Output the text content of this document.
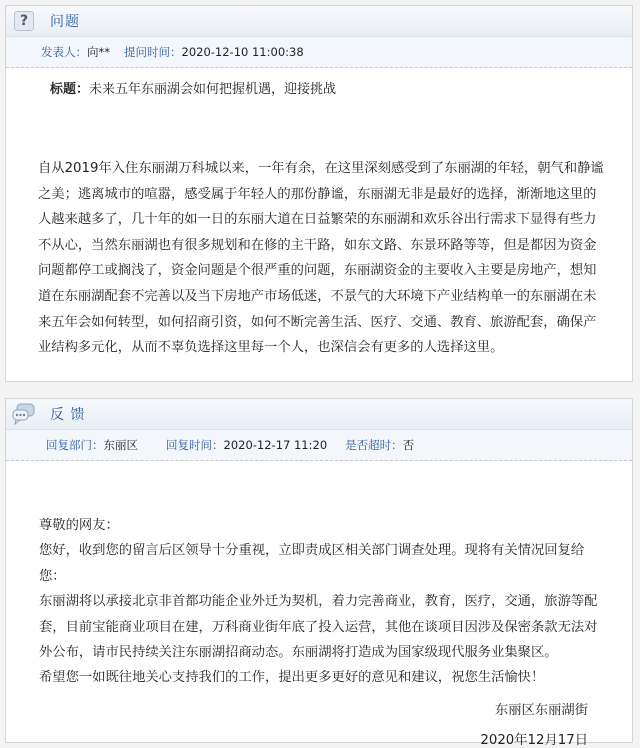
?	问题
发表人： 向** 提问时间： 2020-12-10 11:00:38
标题：未来五年东丽湖会如何把握机遇，迎接挑战
自从2019年入住东丽湖万科城以来，一年有余，在这里深刻感受到了东丽湖的年轻，朝气和静谧之美；逃离城市的喧嚣，感受属于年轻人的那份静谧，东丽湖无非是最好的选择，渐渐地这里的人越来越多了，几十年的如一日的东丽大道在日益繁荣的东丽湖和欢乐谷出行需求下显得有些力不从心，当然东丽湖也有很多规划和在修的主干路，如东文路、东景环路等等，但是都因为资金问题都停工或搁浅了，资金问题是个很严重的问题，东丽湖资金的主要收入主要是房地产，想知道在东丽湖配套不完善以及当下房地产市场低迷，不景气的大环境下产业结构单一的东丽湖在未来五年会如何转型，如何招商引资，如何不断完善生活、医疗、交通、教育、旅游配套，确保产业结构多元化，从而不辜负选择这里每一个人，也深信会有更多的人选择这里。
反 馈
回复部门： 东丽区 回复时间： 2020-12-17 11:20 是否超时： 否
尊敬的网友：
您好，收到您的留言后区领导十分重视，立即责成区相关部门调查处理。现将有关情况回复给您：
东丽湖将以承接北京非首都功能企业外迁为契机，着力完善商业，教育，医疗，交通，旅游等配套，目前宝能商业项目在建，万科商业街年底了投入运营，其他在谈项目因涉及保密条款无法对外公布，请市民持续关注东丽湖招商动态。东丽湖将打造成为国家级现代服务业集聚区。
希望您一如既往地关心支持我们的工作，提出更多更好的意见和建议，祝您生活愉快！
东丽区东丽湖街
2020年12月17日
